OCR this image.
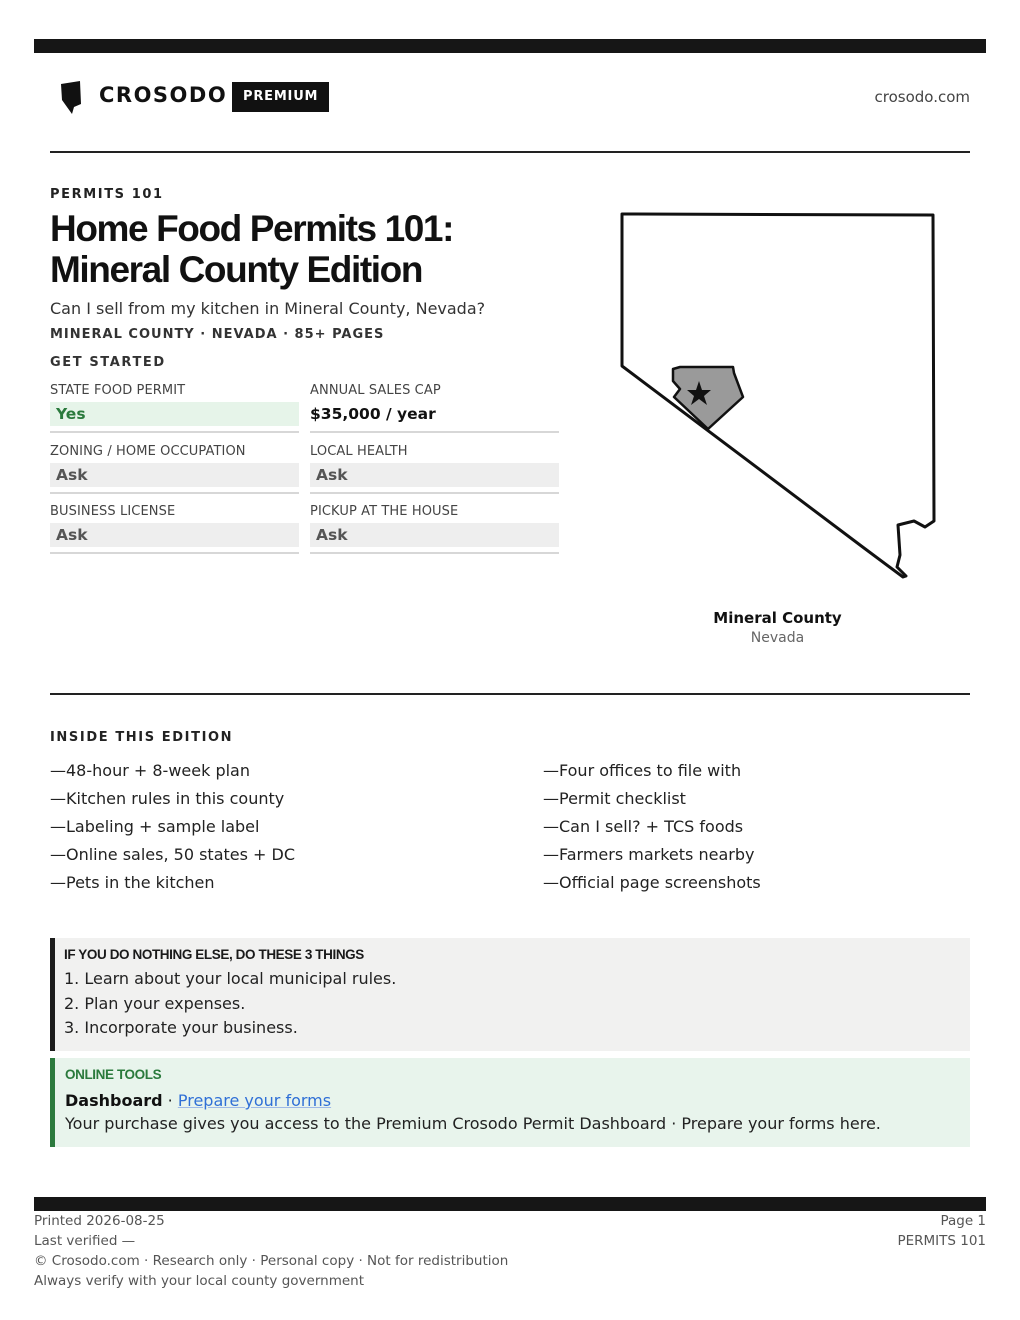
CROSODO	PREMIUM	crosodo.com
PERMITS 101
Home Food Permits 101: Mineral County Edition
Can I sell from my kitchen in Mineral County, Nevada?
MINERAL COUNTY · NEVADA · 85+ PAGES
GET STARTED
STATE FOOD PERMIT
Yes
ANNUAL SALES CAP
$35,000 / year
ZONING / HOME OCCUPATION
Ask
LOCAL HEALTH
Ask
BUSINESS LICENSE
Ask
PICKUP AT THE HOUSE
Ask
Mineral County
Nevada
INSIDE THIS EDITION
—48-hour + 8-week plan
—Kitchen rules in this county
—Labeling + sample label
—Online sales, 50 states + DC
—Pets in the kitchen
—Four offices to file with
—Permit checklist
—Can I sell? + TCS foods
—Farmers markets nearby
—Official page screenshots
IF YOU DO NOTHING ELSE, DO THESE 3 THINGS
1. Learn about your local municipal rules.
2. Plan your expenses.
3. Incorporate your business.
ONLINE TOOLS
Dashboard · Prepare your forms
Your purchase gives you access to the Premium Crosodo Permit Dashboard · Prepare your forms here.
Printed 2026-08-25
Last verified —
© Crosodo.com · Research only · Personal copy · Not for redistribution
Always verify with your local county government
Page 1
PERMITS 101
